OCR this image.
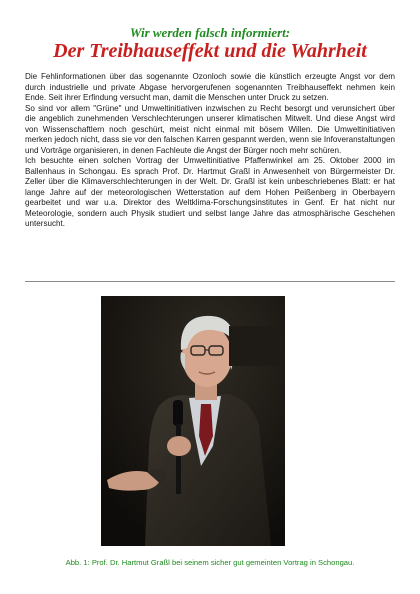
Wir werden falsch informiert:
Der Treibhauseffekt und die Wahrheit

Die Fehlinformationen über das sogenannte Ozonloch sowie die künstlich erzeugte Angst vor dem durch industrielle und private Abgase hervorgerufenen sogenannten Treibhauseffekt nehmen kein Ende. Seit ihrer Erfindung versucht man, damit die Menschen unter Druck zu setzen.

So sind vor allem "Grüne" und Umweltinitiativen inzwischen zu Recht besorgt und verunsichert über die angeblich zunehmenden Verschlechterungen unserer klimatischen Mitwelt. Und diese Angst wird von Wissenschaftlern noch geschürt, meist nicht einmal mit bösem Willen. Die Umweltinitiativen merken jedoch nicht, dass sie vor den falschen Karren gespannt werden, wenn sie Infoveranstaltungen und Vorträge organisieren, in denen Fachleute die Angst der Bürger noch mehr schüren.

Ich besuchte einen solchen Vortrag der Umweltinitiative Pfaffenwinkel am 25. Oktober 2000 im Ballenhaus in Schongau. Es sprach Prof. Dr. Hartmut Graßl in Anwesenheit von Bürgermeister Dr. Zeller über die Klimaverschlechterungen in der Welt. Dr. Graßl ist kein unbeschriebenes Blatt: er hat lange Jahre auf der meteorologischen Wetterstation auf dem Hohen Peißenberg in Oberbayern gearbeitet und war u.a. Direktor des Weltklima-Forschungsinstitutes in Genf. Er hat nicht nur Meteorologie, sondern auch Physik studiert und selbst lange Jahre das atmosphärische Geschehen untersucht.

Abb. 1: Prof. Dr. Hartmut Graßl bei seinem sicher gut gemeinten Vortrag in Schongau.
